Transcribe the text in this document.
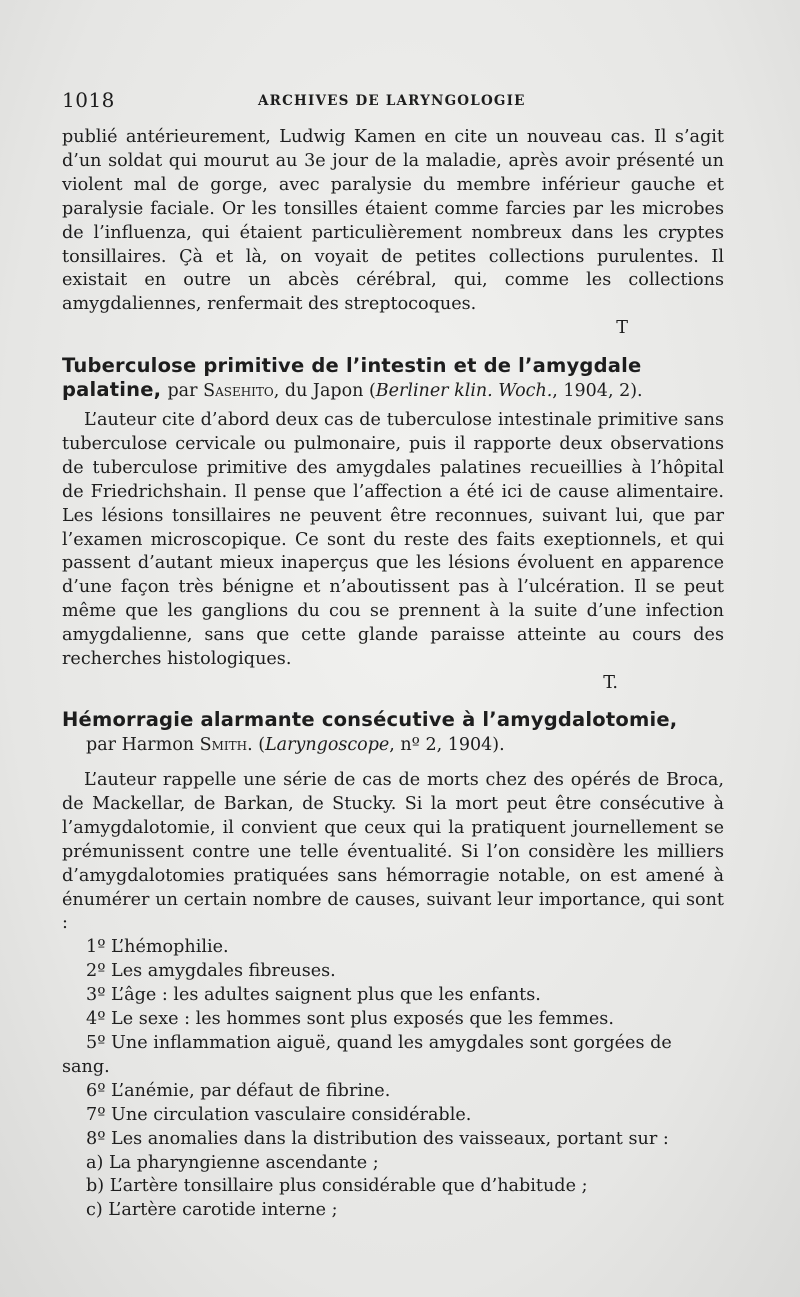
1018	ARCHIVES DE LARYNGOLOGIE

publié antérieurement, Ludwig Kamen en cite un nouveau cas. Il s’agit d’un soldat qui mourut au 3e jour de la maladie, après avoir présenté un violent mal de gorge, avec paralysie du membre inférieur gauche et paralysie faciale. Or les tonsilles étaient comme farcies par les microbes de l’influenza, qui étaient particulièrement nombreux dans les cryptes tonsillaires. Çà et là, on voyait de petites collections purulentes. Il existait en outre un abcès cérébral, qui, comme les collections amygdaliennes, renfermait des streptocoques.

T

Tuberculose primitive de l’intestin et de l’amygdale palatine, par Sasehito, du Japon (Berliner klin. Woch., 1904, 2).

L’auteur cite d’abord deux cas de tuberculose intestinale primitive sans tuberculose cervicale ou pulmonaire, puis il rapporte deux observations de tuberculose primitive des amygdales palatines recueillies à l’hôpital de Friedrichshain. Il pense que l’affection a été ici de cause alimentaire. Les lésions tonsillaires ne peuvent être reconnues, suivant lui, que par l’examen microscopique. Ce sont du reste des faits exeptionnels, et qui passent d’autant mieux inaperçus que les lésions évoluent en apparence d’une façon très bénigne et n’aboutissent pas à l’ulcération. Il se peut même que les ganglions du cou se prennent à la suite d’une infection amygdalienne, sans que cette glande paraisse atteinte au cours des recherches histologiques.

T.

Hémorragie alarmante consécutive à l’amygdalotomie,

par Harmon Smith. (Laryngoscope, nº 2, 1904).

L’auteur rappelle une série de cas de morts chez des opérés de Broca, de Mackellar, de Barkan, de Stucky. Si la mort peut être consécutive à l’amygdalotomie, il convient que ceux qui la pratiquent journellement se prémunissent contre une telle éventualité. Si l’on considère les milliers d’amygdalotomies pratiquées sans hémorragie notable, on est amené à énumérer un certain nombre de causes, suivant leur importance, qui sont :

1º L’hémophilie.
2º Les amygdales fibreuses.
3º L’âge : les adultes saignent plus que les enfants.
4º Le sexe : les hommes sont plus exposés que les femmes.
5º Une inflammation aiguë, quand les amygdales sont gorgées de sang.
6º L’anémie, par défaut de fibrine.
7º Une circulation vasculaire considérable.
8º Les anomalies dans la distribution des vaisseaux, portant sur :
a) La pharyngienne ascendante ;
b) L’artère tonsillaire plus considérable que d’habitude ;
c) L’artère carotide interne ;
